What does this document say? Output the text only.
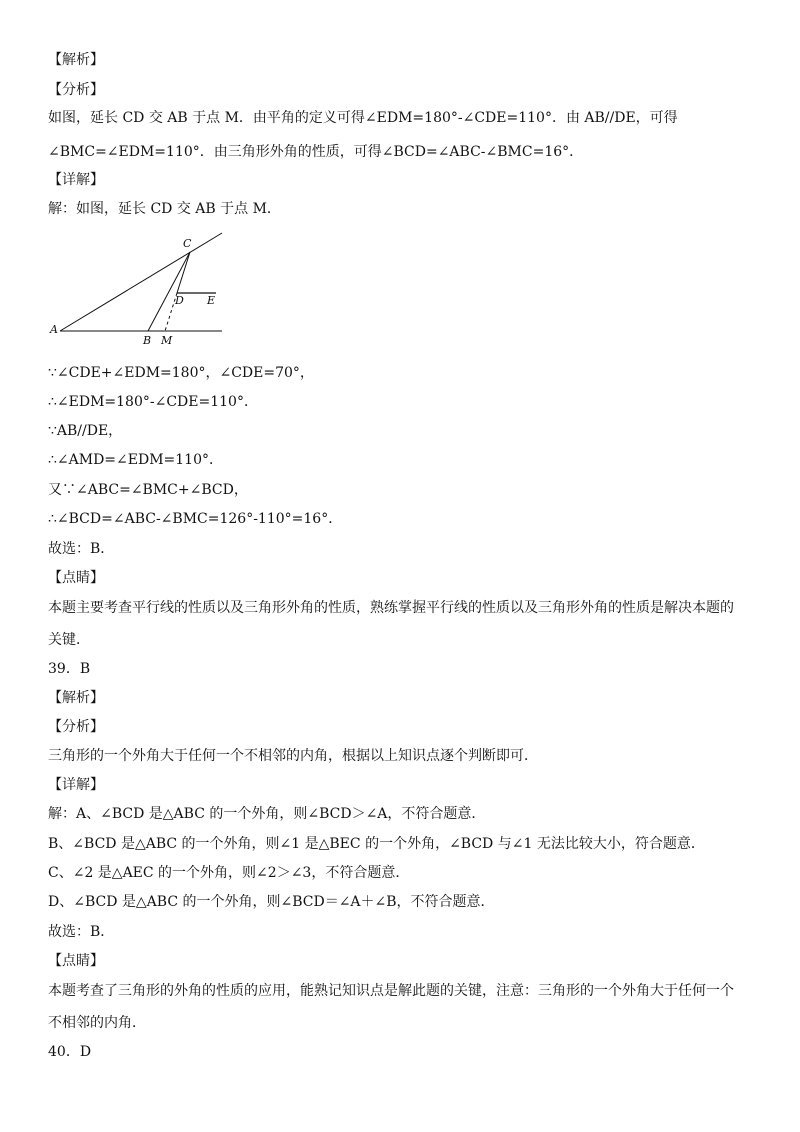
【解析】
【分析】
如图，延长 CD 交 AB 于点 M．由平角的定义可得∠EDM=180°-∠CDE=110°．由 AB//DE，可得
∠BMC=∠EDM=110°．由三角形外角的性质，可得∠BCD=∠ABC-∠BMC=16°．
【详解】
解：如图，延长 CD 交 AB 于点 M．
A
B M
C
D E
∵∠CDE+∠EDM=180°，∠CDE=70°，
∴∠EDM=180°-∠CDE=110°．
∵AB//DE，
∴∠AMD=∠EDM=110°．
又∵∠ABC=∠BMC+∠BCD，
∴∠BCD=∠ABC-∠BMC=126°-110°=16°．
故选：B．
【点睛】
本题主要考查平行线的性质以及三角形外角的性质，熟练掌握平行线的性质以及三角形外角的性质是解决本题的
关键．
39．B
【解析】
【分析】
三角形的一个外角大于任何一个不相邻的内角，根据以上知识点逐个判断即可．
【详解】
解：A、∠BCD 是△ABC 的一个外角，则∠BCD＞∠A，不符合题意．
B、∠BCD 是△ABC 的一个外角，则∠1 是△BEC 的一个外角，∠BCD 与∠1 无法比较大小，符合题意．
C、∠2 是△AEC 的一个外角，则∠2＞∠3，不符合题意．
D、∠BCD 是△ABC 的一个外角，则∠BCD＝∠A＋∠B，不符合题意．
故选：B．
【点睛】
本题考查了三角形的外角的性质的应用，能熟记知识点是解此题的关键，注意：三角形的一个外角大于任何一个
不相邻的内角．
40．D
